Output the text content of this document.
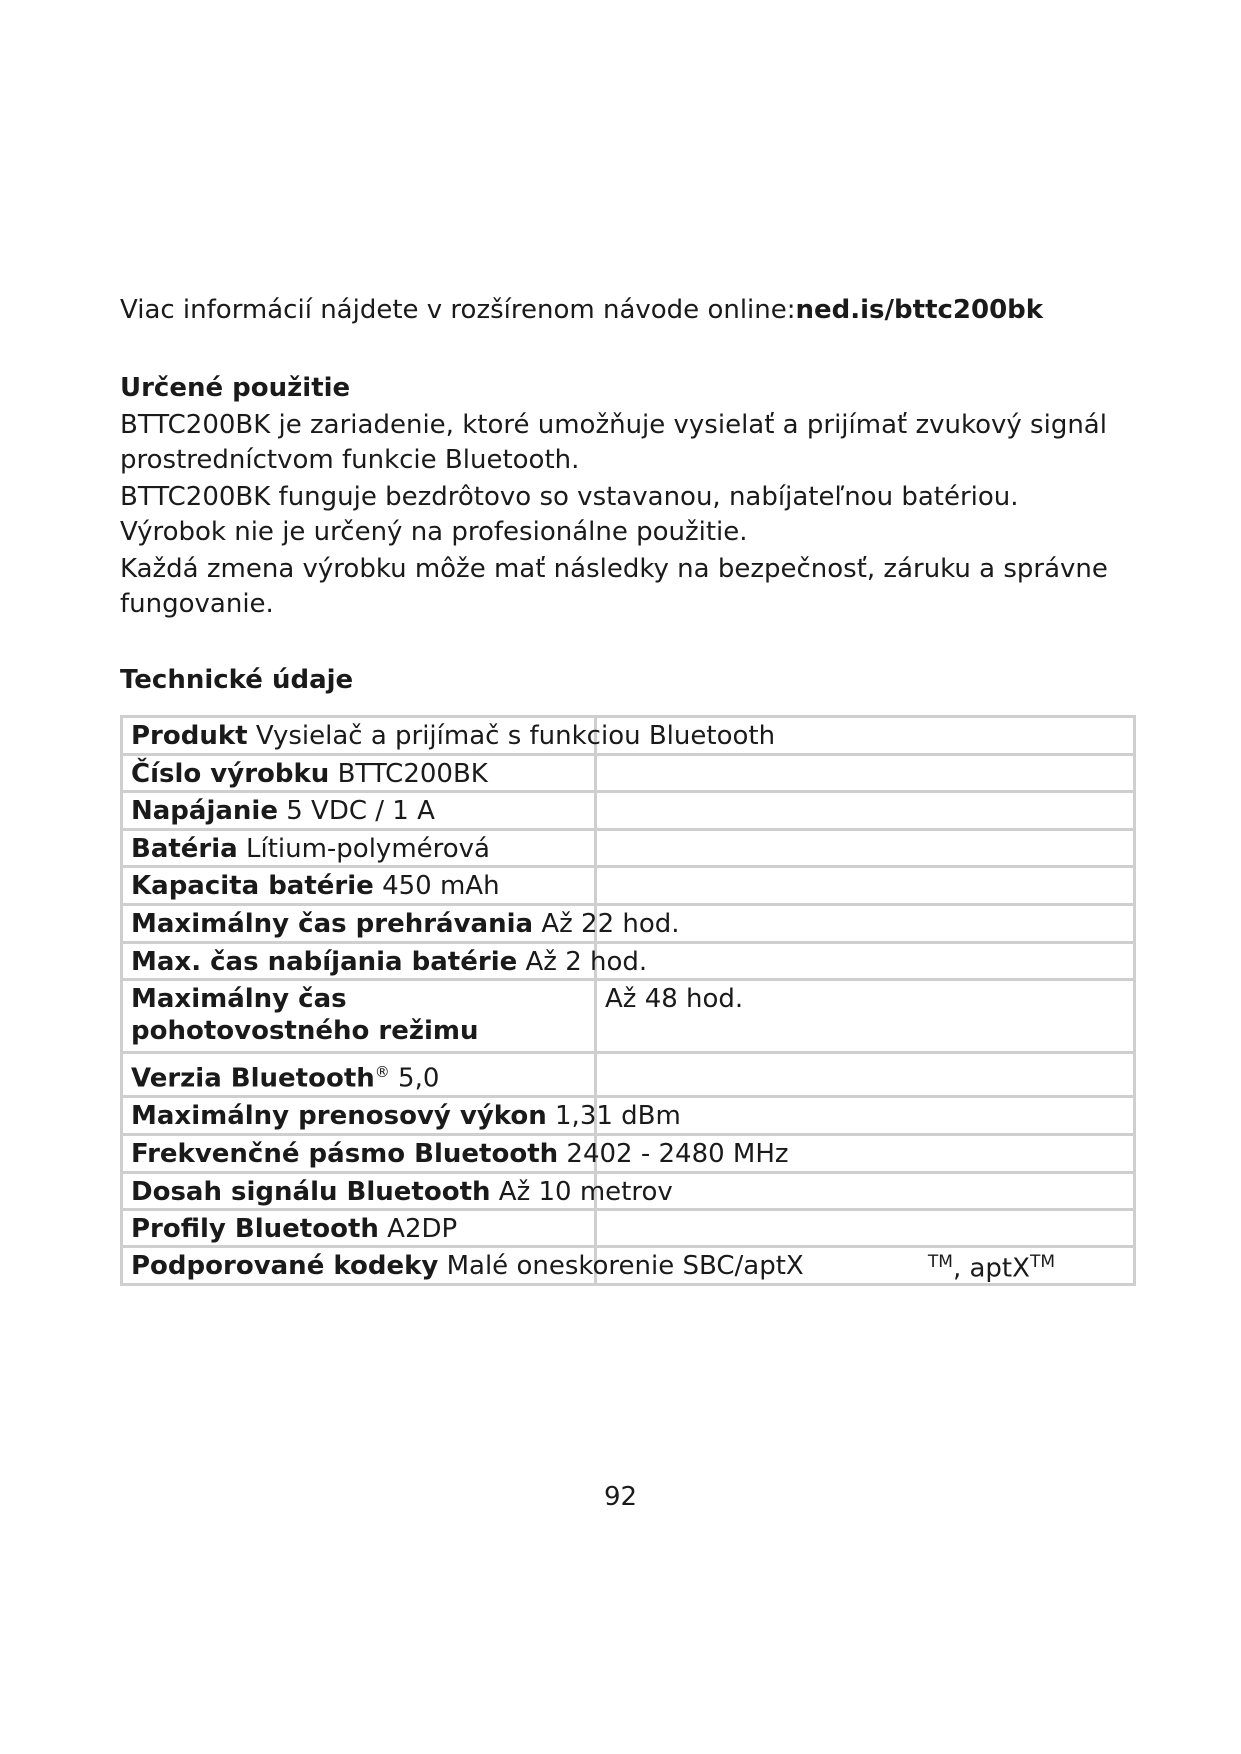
Viac informácií nájdete v rozšírenom návode online:ned.is/bttc200bk

Určené použitie

BTTC200BK je zariadenie, ktoré umožňuje vysielať a prijímať zvukový signál prostredníctvom funkcie Bluetooth.

BTTC200BK funguje bezdrôtovo so vstavanou, nabíjateľnou batériou. Výrobok nie je určený na profesionálne použitie.

Každá zmena výrobku môže mať následky na bezpečnosť, záruku a správne fungovanie.

Technické údaje
Produkt Vysielač a prijímač s funkciou Bluetooth	

Číslo výrobku BTTC200BK	

Napájanie 5 VDC / 1 A	

Batéria Lítium-polymérová	

Kapacita batérie 450 mAh	

Maximálny čas prehrávania Až 22 hod.	

Max. čas nabíjania batérie Až 2 hod.	

Maximálny čas pohotovostného režimu	Až 48 hod.

Verzia Bluetooth® 5,0	

Maximálny prenosový výkon 1,31 dBm	

Frekvenčné pásmo Bluetooth 2402 - 2480 MHz	

Dosah signálu Bluetooth Až 10 metrov	

Profily Bluetooth A2DP	

Podporované kodeky Malé oneskorenie SBC/aptX	™, aptX™
92
